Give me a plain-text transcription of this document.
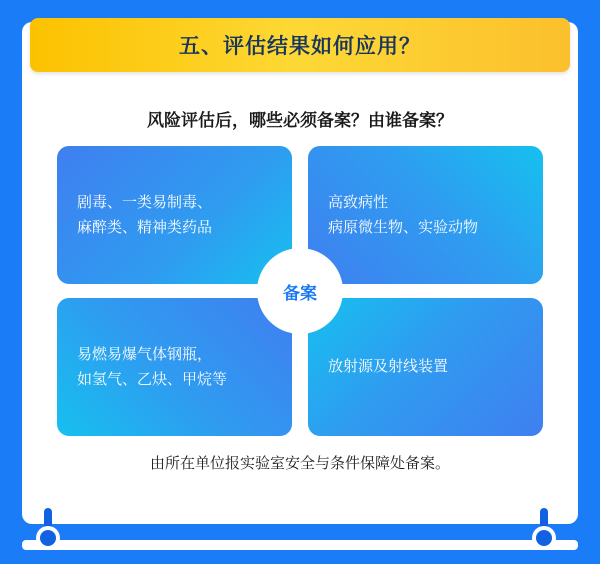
五、评估结果如何应用？
风险评估后，哪些必须备案？由谁备案？
剧毒、一类易制毒、
麻醉类、精神类药品
高致病性
病原微生物、实验动物
易燃易爆气体钢瓶，
如氢气、乙炔、甲烷等
放射源及射线装置
备案
由所在单位报实验室安全与条件保障处备案。
